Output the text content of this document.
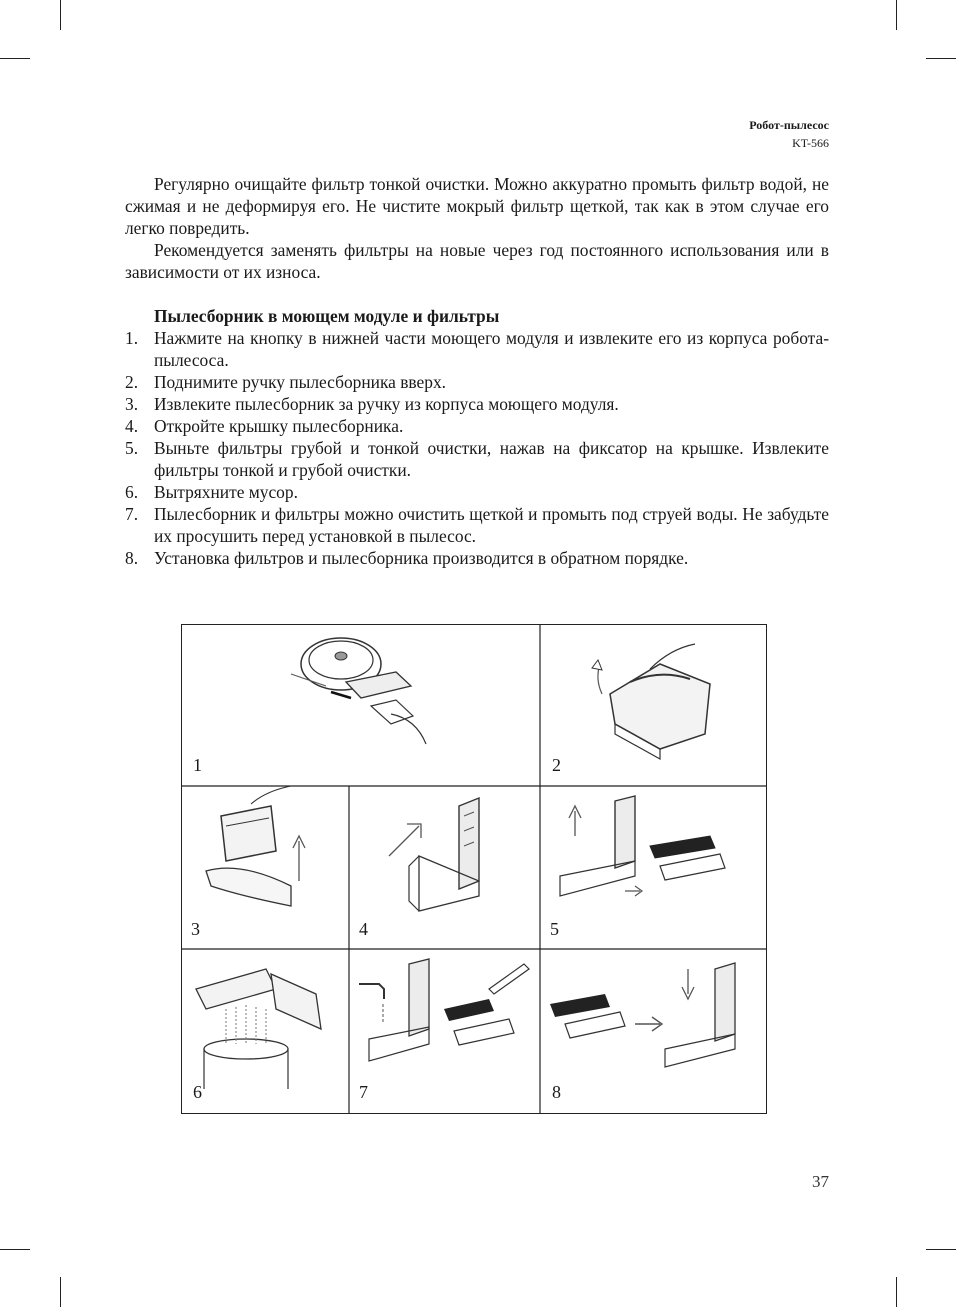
Робот-пылесос
KT-566

Регулярно очищайте фильтр тонкой очистки. Можно аккуратно промыть фильтр водой, не сжимая и не деформируя его. Не чистите мокрый фильтр щеткой, так как в этом случае его легко повредить.

Рекомендуется заменять фильтры на новые через год постоянного использования или в зависимости от их износа.

Пылесборник в моющем модуле и фильтры
1. Нажмите на кнопку в нижней части моющего модуля и извлеките его из корпуса робота-пылесоса.
2. Поднимите ручку пылесборника вверх.
3. Извлеките пылесборник за ручку из корпуса моющего модуля.
4. Откройте крышку пылесборника.
5. Выньте фильтры грубой и тонкой очистки, нажав на фиксатор на крышке. Извлеките фильтры тонкой и грубой очистки.
6. Вытряхните мусор.
7. Пылесборник и фильтры можно очистить щеткой и промыть под струей воды. Не забудьте их просушить перед установкой в пылесос.
8. Установка фильтров и пылесборника производится в обратном порядке.
1	2
3	4	5
6	7	8
37
